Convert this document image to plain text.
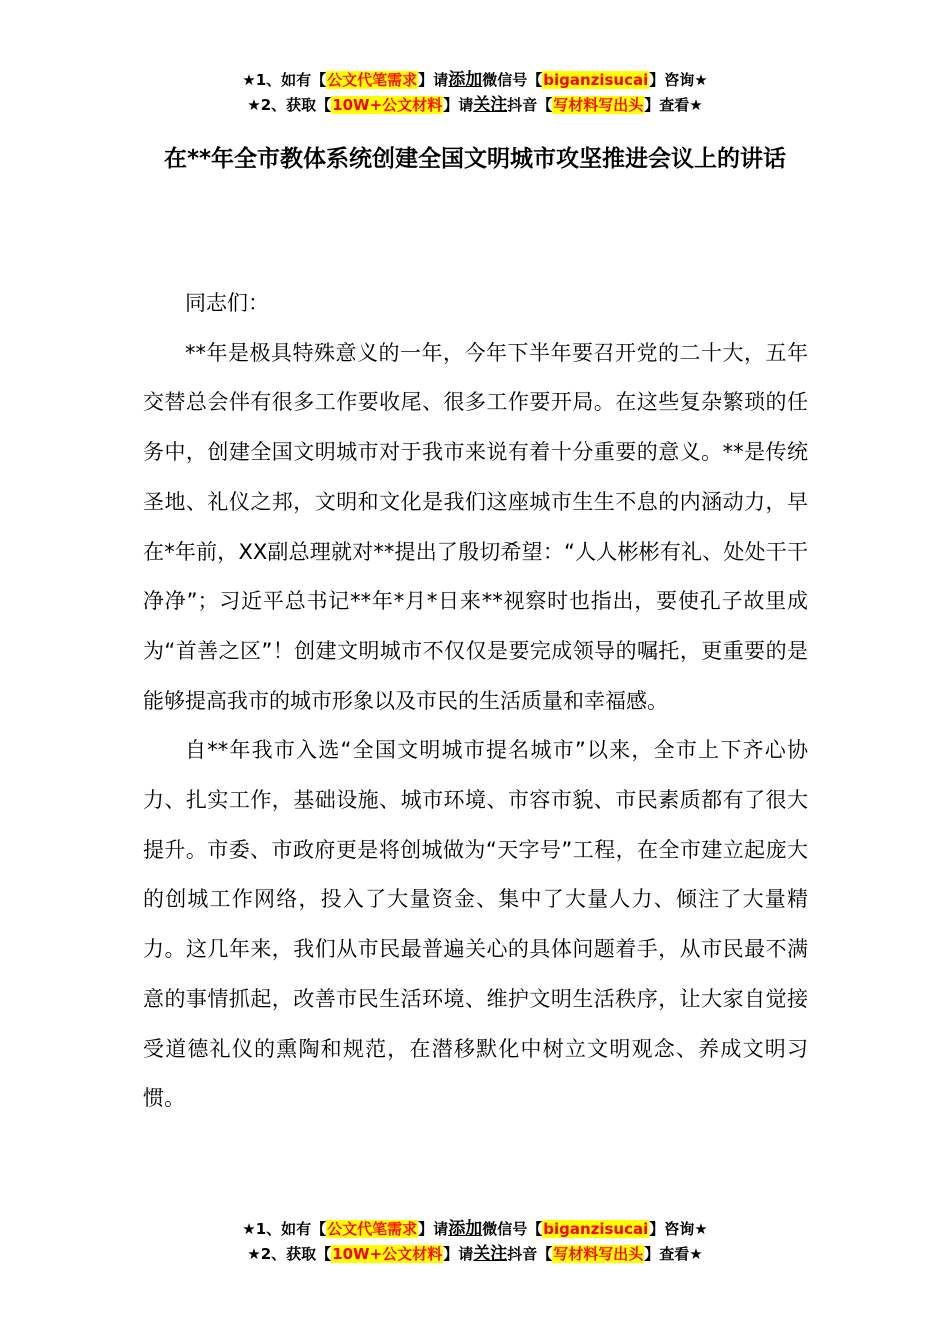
★1、如有【公文代笔需求】请添加微信号【biganzisucai】咨询★
★2、获取【10W+公文材料】请关注抖音【写材料写出头】查看★
在**年全市教体系统创建全国文明城市攻坚推进会议上的讲话

同志们：

**年是极具特殊意义的一年，今年下半年要召开党的二十大，五年交替总会伴有很多工作要收尾、很多工作要开局。在这些复杂繁琐的任务中，创建全国文明城市对于我市来说有着十分重要的意义。**是传统圣地、礼仪之邦，文明和文化是我们这座城市生生不息的内涵动力，早在*年前，XX副总理就对**提出了殷切希望：“人人彬彬有礼、处处干干净净”；习近平总书记**年*月*日来**视察时也指出，要使孔子故里成为“首善之区”！创建文明城市不仅仅是要完成领导的嘱托，更重要的是能够提高我市的城市形象以及市民的生活质量和幸福感。

自**年我市入选“全国文明城市提名城市”以来，全市上下齐心协力、扎实工作，基础设施、城市环境、市容市貌、市民素质都有了很大提升。市委、市政府更是将创城做为“天字号”工程，在全市建立起庞大的创城工作网络，投入了大量资金、集中了大量人力、倾注了大量精力。这几年来，我们从市民最普遍关心的具体问题着手，从市民最不满意的事情抓起，改善市民生活环境、维护文明生活秩序，让大家自觉接受道德礼仪的熏陶和规范，在潜移默化中树立文明观念、养成文明习惯。

★1、如有【公文代笔需求】请添加微信号【biganzisucai】咨询★
★2、获取【10W+公文材料】请关注抖音【写材料写出头】查看★
